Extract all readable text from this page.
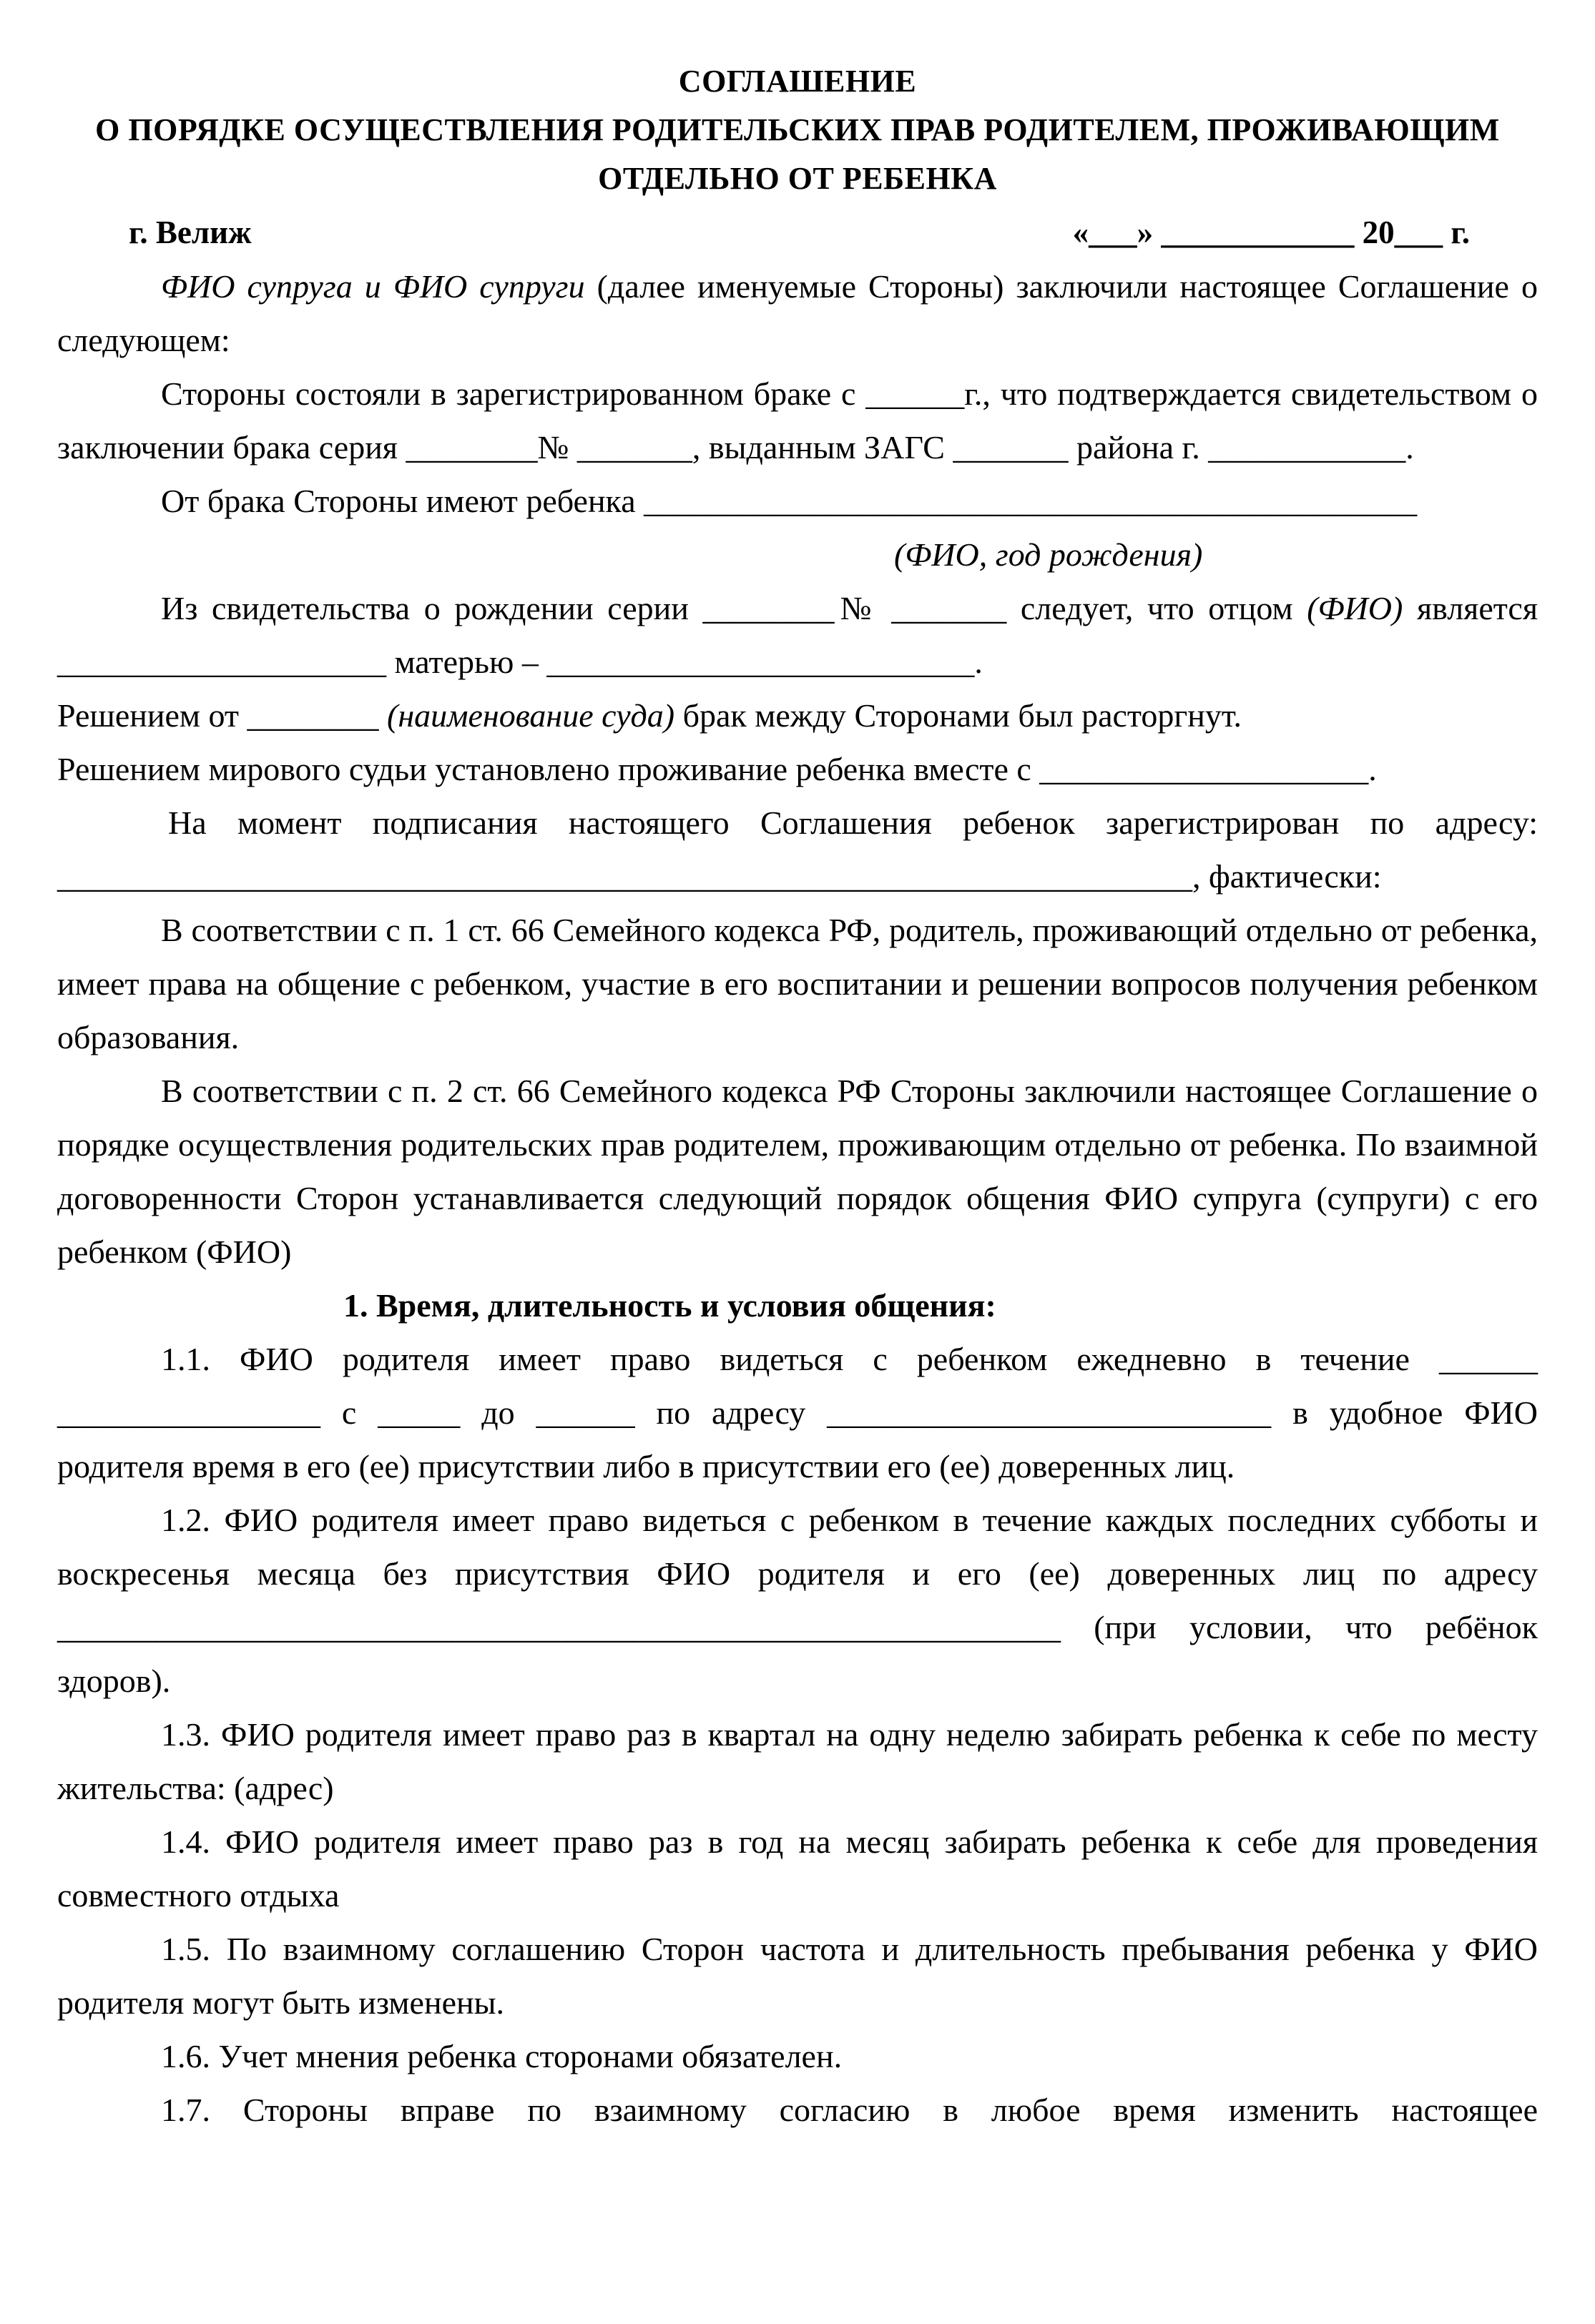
СОГЛАШЕНИЕ
О ПОРЯДКЕ ОСУЩЕСТВЛЕНИЯ РОДИТЕЛЬСКИХ ПРАВ РОДИТЕЛЕМ, ПРОЖИВАЮЩИМ
ОТДЕЛЬНО ОТ РЕБЕНКА
г. Велиж	«___» ____________ 20___ г.

ФИО супруга и ФИО супруги (далее именуемые Стороны) заключили настоящее Соглашение о следующем:

Стороны состояли в зарегистрированном браке с ______г., что подтверждается свидетельством о заключении брака серия ________№ _______, выданным ЗАГС _______ района г. ____________.

От брака Стороны имеют ребенка _______________________________________________

(ФИО, год рождения)

Из свидетельства о рождении серии ________№ _______ следует, что отцом (ФИО) является ____________________ матерью – __________________________.

Решением от ________ (наименование суда) брак между Сторонами был расторгнут.

Решением мирового судьи установлено проживание ребенка вместе с ____________________.

На момент подписания настоящего Соглашения ребенок зарегистрирован по адресу: _____________________________________________________________________, фактически:

В соответствии с п. 1 ст. 66 Семейного кодекса РФ, родитель, проживающий отдельно от ребенка, имеет права на общение с ребенком, участие в его воспитании и решении вопросов получения ребенком образования.

В соответствии с п. 2 ст. 66 Семейного кодекса РФ Стороны заключили настоящее Соглашение о порядке осуществления родительских прав родителем, проживающим отдельно от ребенка. По взаимной договоренности Сторон устанавливается следующий порядок общения ФИО супруга (супруги) с его ребенком (ФИО)

1. Время, длительность и условия общения:

1.1. ФИО родителя имеет право видеться с ребенком ежедневно в течение ______ ________________ с _____ до ______ по адресу ___________________________ в удобное ФИО родителя время в его (ее) присутствии либо в присутствии его (ее) доверенных лиц.

1.2. ФИО родителя имеет право видеться с ребенком в течение каждых последних субботы и воскресенья месяца без присутствия ФИО родителя и его (ее) доверенных лиц по адресу _____________________________________________________________ (при условии, что ребёнок здоров).

1.3. ФИО родителя имеет право раз в квартал на одну неделю забирать ребенка к себе по месту жительства: (адрес)

1.4. ФИО родителя имеет право раз в год на месяц забирать ребенка к себе для проведения совместного отдыха

1.5. По взаимному соглашению Сторон частота и длительность пребывания ребенка у ФИО родителя могут быть изменены.

1.6. Учет мнения ребенка сторонами обязателен.

1.7. Стороны вправе по взаимному согласию в любое время изменить настоящее
